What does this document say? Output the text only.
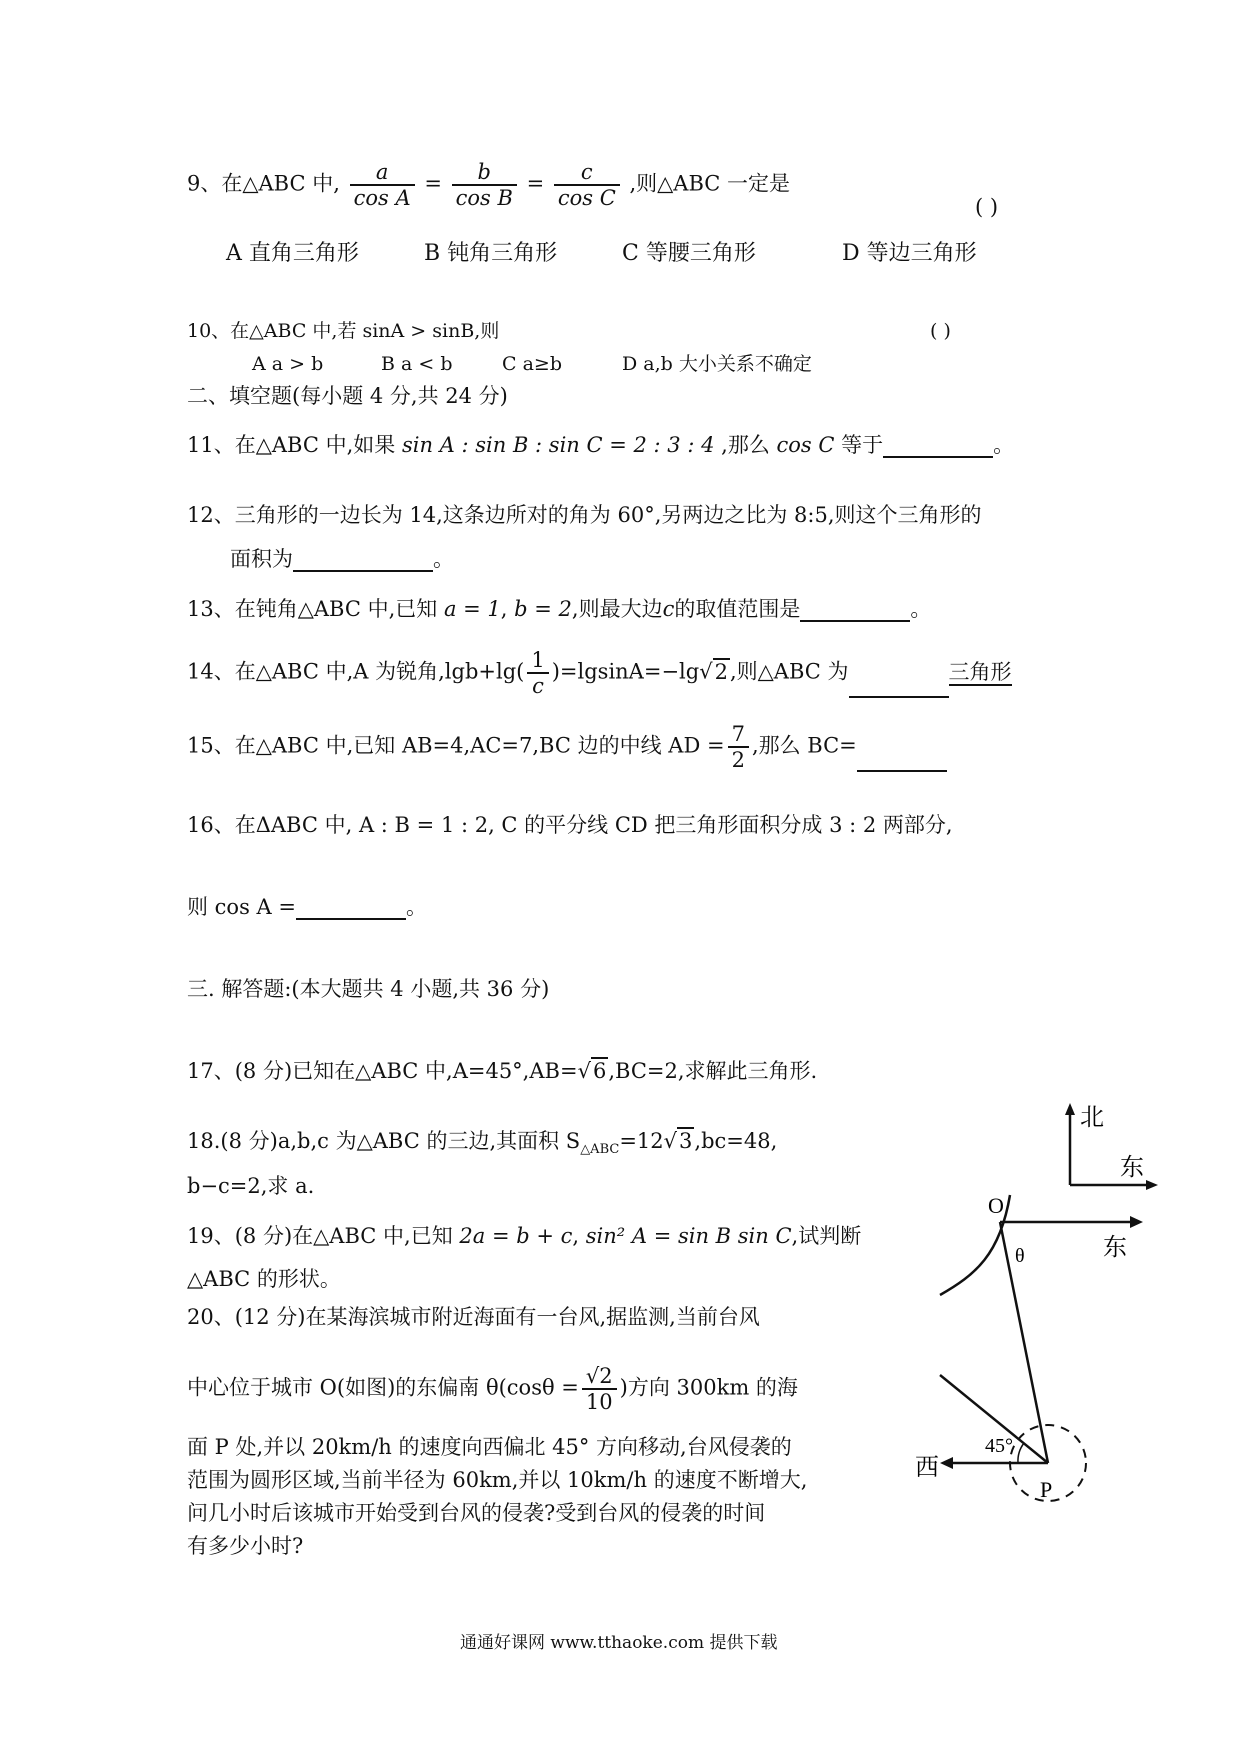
9、在△ABC 中, $\frac{a}{\text{cos A}} = \frac{b}{\text{cos B}} = \frac{c}{\text{cos C}}$ ,则△ABC 一定是
( )
A 直角三角形	B 钝角三角形	C 等腰三角形	D 等边三角形
10、在△ABC 中,若 sinA > sinB,则	( )
A a > b	B a < b	C a≥b	D a,b 大小关系不确定
二、填空题(每小题 4 分,共 24 分)
11、在△ABC 中,如果 sin A : sin B : sin C = 2 : 3 : 4 ,那么 cos C 等于	。
12、三角形的一边长为 14,这条边所对的角为 60°,另两边之比为 8:5,则这个三角形的
面积为	。
13、在钝角△ABC 中,已知 a = 1, b = 2,则最大边c的取值范围是	。
14、在△ABC 中,A 为锐角$,\lg b+\lg( \frac{1}{c} )=lgsinA=-\lg√2$,则△ABC 为	三角形
15、在△ABC 中,已知 AB=4,AC=7,BC 边的中线 AD = $\frac{7}{2}$ ,那么 BC=
16、在ΔABC 中, A : B = 1 : 2, C 的平分线 CD 把三角形面积分成 3 : 2 两部分,
则 cos A =	。
三. 解答题:(本大题共 4 小题,共 36 分)
17、(8 分)已知在△ABC 中,A=45°,AB=√6,BC=2,求解此三角形.
18.(8 分)a,b,c 为△ABC 的三边,其面积 $S_{\triangle ABC}=12√3,bc=48$,
b−c=2,求 a.
19、(8 分)在△ABC 中,已知 2a = b + c, sin² A = sin B sin C,试判断
△ABC 的形状。
20、(12 分)在某海滨城市附近海面有一台风,据监测,当前台风
中心位于城市 O(如图)的东偏南 $\theta(\cos\theta = \frac{√2}{10}$ )方向 300km 的海
面 P 处,并以 20km/h 的速度向西偏北 45° 方向移动,台风侵袭的
范围为圆形区域,当前半径为 60km,并以 10km/h 的速度不断增大,
问几小时后该城市开始受到台风的侵袭?受到台风的侵袭的时间
有多少小时?
北
东
东
O
θ
西
45°
P
通通好课网 www.tthaoke.com 提供下载
